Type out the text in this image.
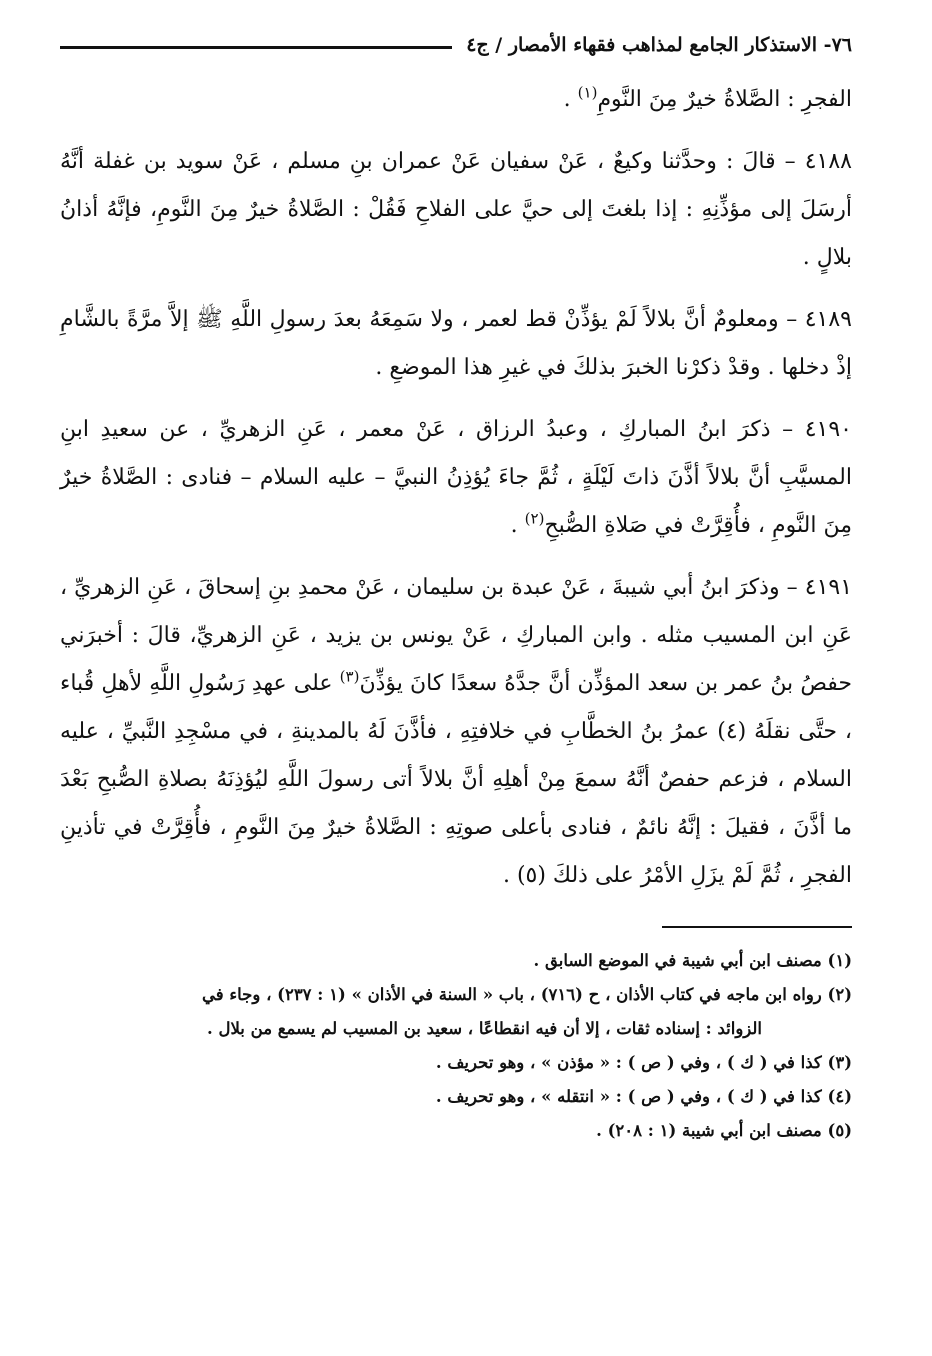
٧٦- الاستذكار الجامع لمذاهب فقهاء الأمصار / ج٤

الفجرِ : الصَّلاةُ خيرٌ مِنَ النَّومِ$^{(١)}$ .

٤١٨٨ – قالَ : وحدَّثنا وكيعٌ ، عَنْ سفيان عَنْ عمران بنِ مسلم ، عَنْ سويد بن غفلة أنَّهُ أرسَلَ إلى مؤذِّنِهِ : إذا بلغتَ إلى حيَّ على الفلاحِ فَقُلْ : الصَّلاةُ خيرٌ مِنَ النَّومِ، فإنَّهُ أذانُ بلالٍ .

٤١٨٩ – ومعلومٌ أنَّ بلالاً لَمْ يؤذِّنْ قط لعمر ، ولا سَمِعَهُ بعدَ رسولِ اللَّهِ ﷺ إلاَّ مرَّةً بالشَّامِ إذْ دخلها . وقدْ ذكرْنا الخبرَ بذلكَ في غيرِ هذا الموضعِ .

٤١٩٠ – ذكرَ ابنُ المباركِ ، وعبدُ الرزاق ، عَنْ معمر ، عَنِ الزهريِّ ، عن سعيدِ ابنِ المسيَّبِ أنَّ بلالاً أذَّنَ ذاتَ لَيْلَةٍ ، ثُمَّ جاءَ يُؤذِنُ النبيَّ – عليه السلام – فنادى : الصَّلاةُ خيرٌ مِنَ النَّومِ ، فأُقِرَّتْ في صَلاةِ الصُّبحِ$^{(٢)}$ .

٤١٩١ – وذكرَ ابنُ أبي شيبةَ ، عَنْ عبدة بن سليمان ، عَنْ محمدِ بنِ إسحاقَ ، عَنِ الزهريِّ ، عَنِ ابن المسيب مثله . وابن المباركِ ، عَنْ يونس بن يزيد ، عَنِ الزهريِّ، قالَ : أخبرَني حفصُ بنُ عمر بن سعد المؤذِّن أنَّ جدَّهُ سعدًا كانَ يؤذِّنَ$^{(٣)}$ على عهدِ رَسُولِ اللَّهِ لأهلِ قُباء ، حتَّى نقلَهُ (٤) عمرُ بنُ الخطَّابِ في خلافتِهِ ، فأذَّنَ لَهُ بالمدينةِ ، في مسْجِدِ النَّبيِّ ، عليه السلام ، فزعم حفصٌ أنَّهُ سمعَ مِنْ أهلِهِ أنَّ بلالاً أتى رسولَ اللَّهِ ليُؤذِنَهُ بصلاةِ الصُّبحِ بَعْدَ ما أذَّنَ ، فقيلَ : إنَّهُ نائمٌ ، فنادى بأعلى صوتِهِ : الصَّلاةُ خيرٌ مِنَ النَّومِ ، فأُقِرَّتْ في تأذينِ الفجرِ ، ثُمَّ لَمْ يزَلِ الأمْرُ على ذلكَ (٥) .

(١) مصنف ابن أبي شيبة في الموضع السابق .

(٢) رواه ابن ماجه في كتاب الأذان ، ح (٧١٦) ، باب « السنة في الأذان » (١ : ٢٣٧) ، وجاء في

الزوائد : إسناده ثقات ، إلا أن فيه انقطاعًا ، سعيد بن المسيب لم يسمع من بلال .

(٣) كذا في ( ك ) ، وفي ( ص ) : « مؤذن » ، وهو تحريف .

(٤) كذا في ( ك ) ، وفي ( ص ) : « انتقله » ، وهو تحريف .

(٥) مصنف ابن أبي شيبة (١ : ٢٠٨) .
